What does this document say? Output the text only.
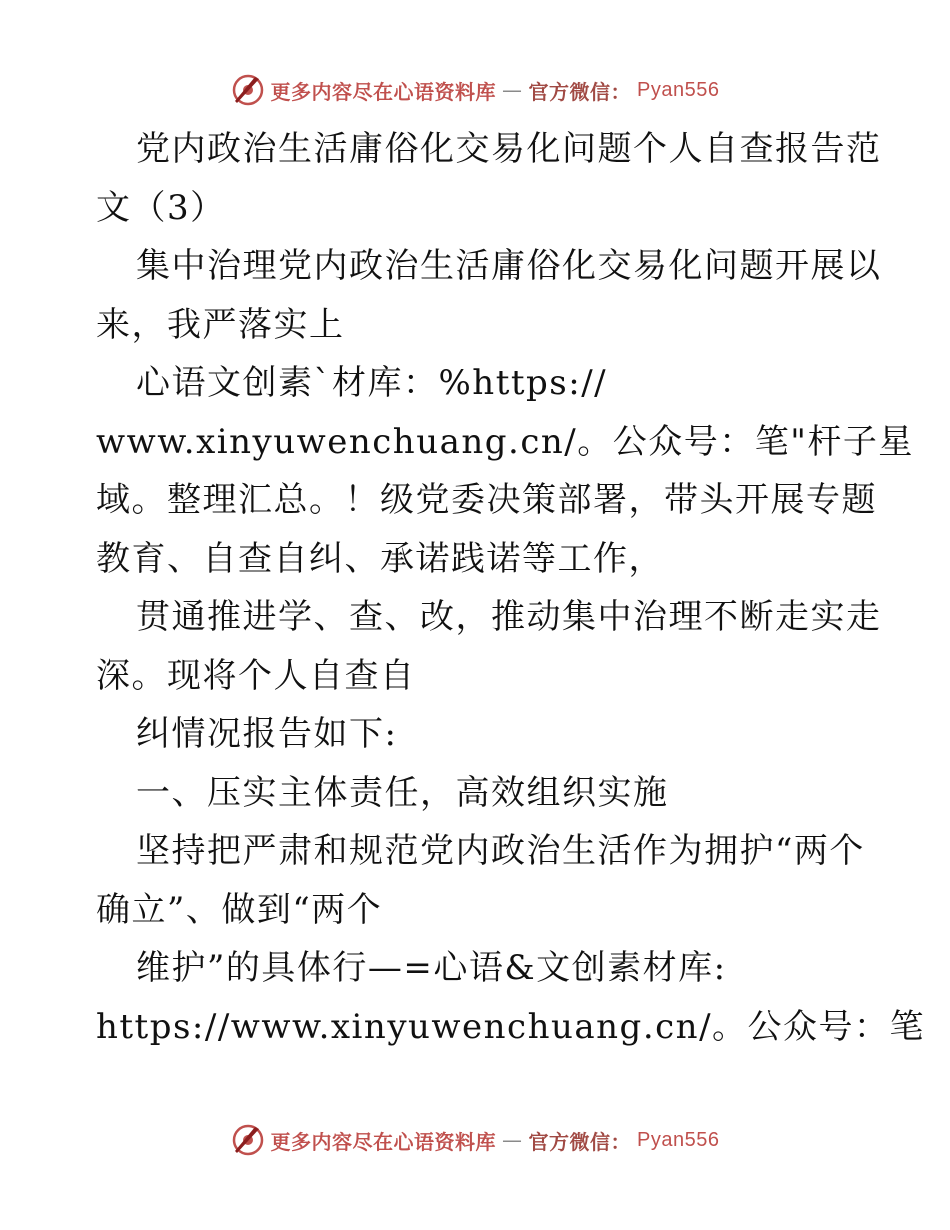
更多内容尽在心语资料库 — 官方微信： Pyan556
党内政治生活庸俗化交易化问题个人自查报告范
文（3）
集中治理党内政治生活庸俗化交易化问题开展以
来，我严落实上
心语文创素`材库：%https://
www.xinyuwenchuang.cn/。公众号：笔"杆子星
域。整理汇总。！级党委决策部署，带头开展专题
教育、自查自纠、承诺践诺等工作，
贯通推进学、查、改，推动集中治理不断走实走
深。现将个人自查自
纠情况报告如下:
一、压实主体责任，高效组织实施
坚持把严肃和规范党内政治生活作为拥护“两个
确立”、做到“两个
维护”的具体行—=心语&文创素材库:
https://www.xinyuwenchuang.cn/。公众号：笔
更多内容尽在心语资料库 — 官方微信： Pyan556
